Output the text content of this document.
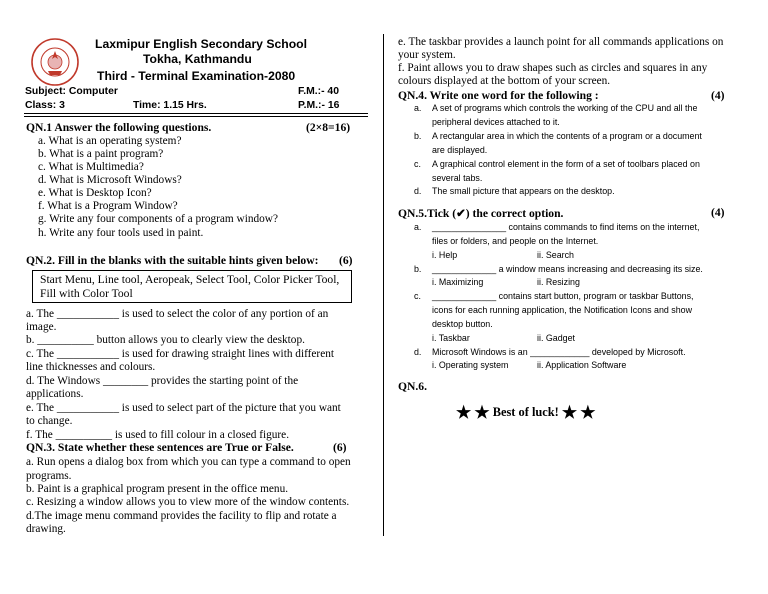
Laxmipur English Secondary School
Tokha, Kathmandu
Third - Terminal Examination-2080
Subject: Computer	F.M.:- 40
Class: 3	Time: 1.15 Hrs.	P.M.:- 16
QN.1 Answer the following questions.	(2×8=16)
a. What is an operating system?
b. What is a paint program?
c. What is Multimedia?
d. What is Microsoft Windows?
e. What is Desktop Icon?
f. What is a Program Window?
g. Write any four components of a program window?
h. Write any four tools used in paint.
QN.2. Fill in the blanks with the suitable hints given below: (6)
Start Menu, Line tool, Aeropeak, Select Tool, Color Picker Tool,
Fill with Color Tool
a. The ___________ is used to select the color of any portion of an
image.
b. __________ button allows you to clearly view the desktop.
c. The ___________ is used for drawing straight lines with different
line thicknesses and colours.
d. The Windows ________ provides the starting point of the
applications.
e. The ___________ is used to select part of the picture that you want
to change.
f. The __________ is used to fill colour in a closed figure.
QN.3. State whether these sentences are True or False.	(6)
a. Run opens a dialog box from which you can type a command to open
programs.
b. Paint is a graphical program present in the office menu.
c. Resizing a window allows you to view more of the window contents.
d.The image menu command provides the facility to flip and rotate a
drawing.
e. The taskbar provides a launch point for all commands applications on
your system.
f. Paint allows you to draw shapes such as circles and squares in any
colours displayed at the bottom of your screen.
QN.4. Write one word for the following :	(4)
a. A set of programs which controls the working of the CPU and all the
peripheral devices attached to it.
b. A rectangular area in which the contents of a program or a document
are displayed.
c. A graphical control element in the form of a set of toolbars placed on
several tabs.
d. The small picture that appears on the desktop.
QN.5.Tick (✔) the correct option.	(4)
a. _______________ contains commands to find items on the internet,
files or folders, and people on the Internet.
i. Help	ii. Search
b. _____________ a window means increasing and decreasing its size.
i. Maximizing	ii. Resizing
c. _____________ contains start button, program or taskbar Buttons,
icons for each running application, the Notification Icons and show
desktop button.
i. Taskbar	ii. Gadget
d. Microsoft Windows is an ____________ developed by Microsoft.
i. Operating system	ii. Application Software
QN.6.
★ ★ Best of luck! ★ ★
